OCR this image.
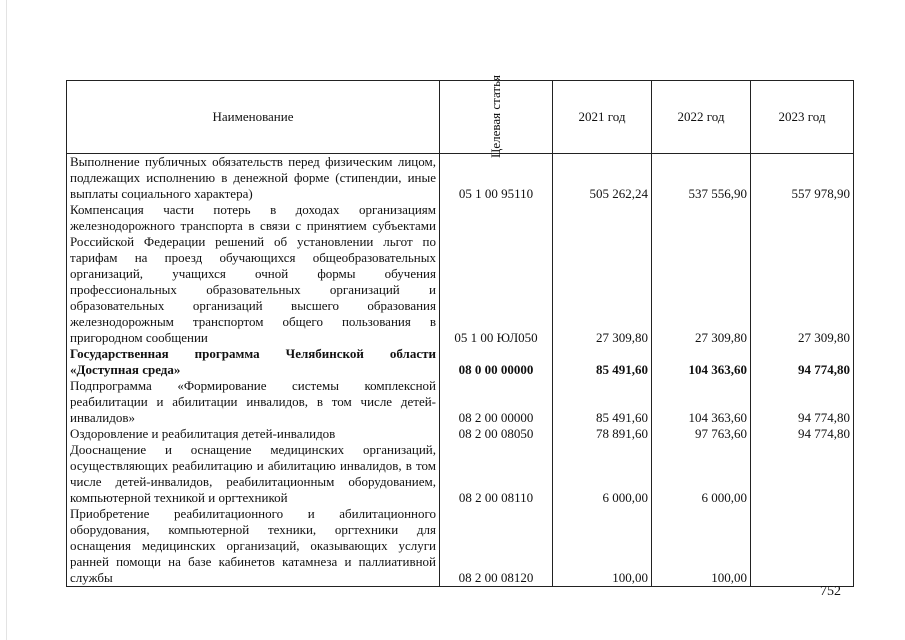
Наименование	Целевая статья	2021 год	2022 год	2023 год
Выполнение публичных обязательств перед физическим лицом, подлежащих исполнению в денежной форме (стипендии, иные выплаты социального характера)	05 1 00 95110	505 262,24	537 556,90	557 978,90
Компенсация части потерь в доходах организациям железнодорожного транспорта в связи с принятием субъектами Российской Федерации решений об установлении льгот по тарифам на проезд обучающихся общеобразовательных организаций, учащихся очной формы обучения профессиональных образовательных организаций и образовательных организаций высшего образования железнодорожным транспортом общего пользования в пригородном сообщении	05 1 00 ЮЛ050	27 309,80	27 309,80	27 309,80
Государственная программа Челябинской области «Доступная среда»	08 0 00 00000	85 491,60	104 363,60	94 774,80
Подпрограмма «Формирование системы комплексной реабилитации и абилитации инвалидов, в том числе детей-инвалидов»	08 2 00 00000	85 491,60	104 363,60	94 774,80
Оздоровление и реабилитация детей-инвалидов	08 2 00 08050	78 891,60	97 763,60	94 774,80
Дооснащение и оснащение медицинских организаций, осуществляющих реабилитацию и абилитацию инвалидов, в том числе детей-инвалидов, реабилитационным оборудованием, компьютерной техникой и оргтехникой	08 2 00 08110	6 000,00	6 000,00	
Приобретение реабилитационного и абилитационного оборудования, компьютерной техники, оргтехники для оснащения медицинских организаций, оказывающих услуги ранней помощи на базе кабинетов катамнеза и паллиативной службы	08 2 00 08120	100,00	100,00	
752
